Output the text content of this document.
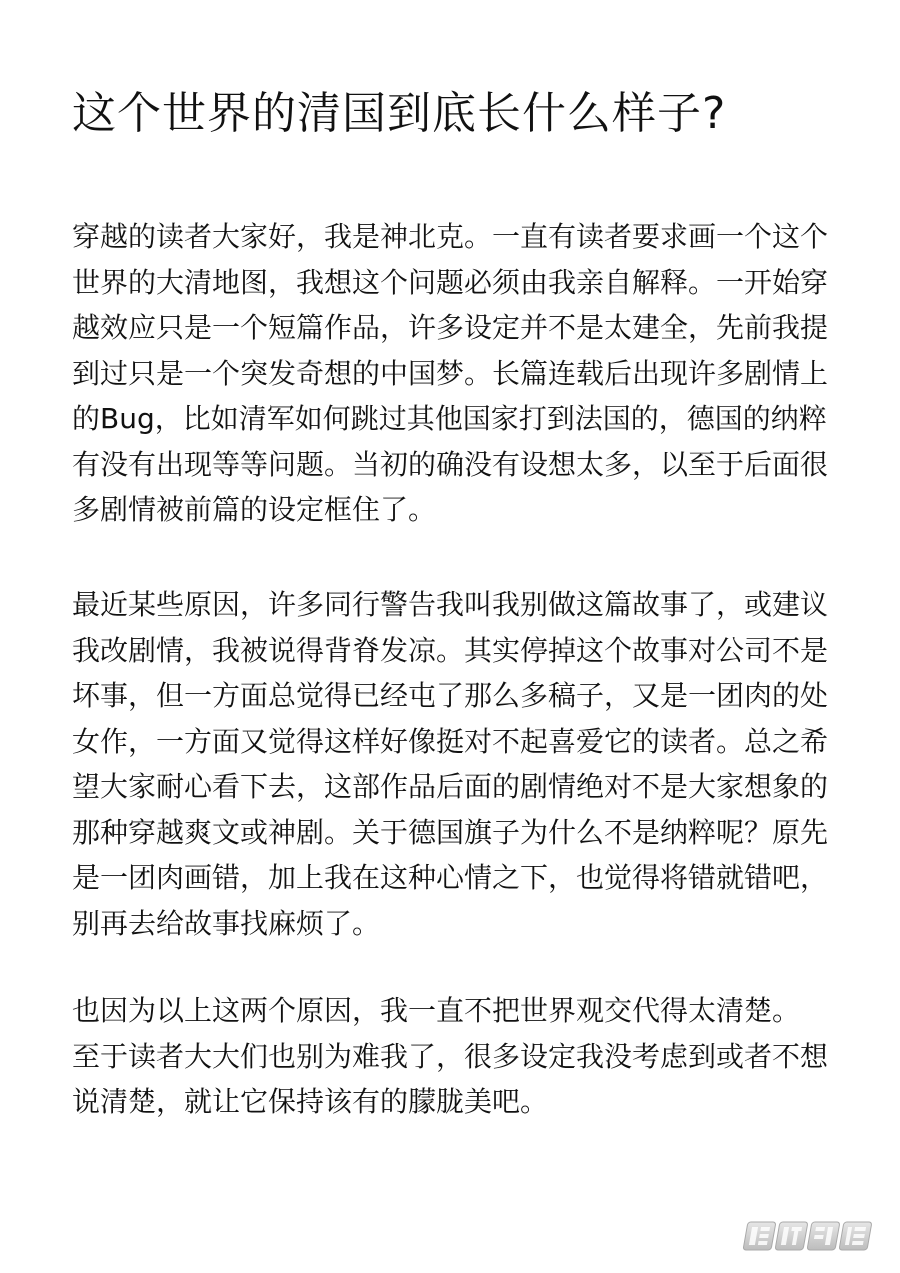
这个世界的清国到底长什么样子?

穿越的读者大家好，我是神北克。一直有读者要求画一个这个
世界的大清地图，我想这个问题必须由我亲自解释。一开始穿
越效应只是一个短篇作品，许多设定并不是太建全，先前我提
到过只是一个突发奇想的中国梦。长篇连载后出现许多剧情上
的Bug，比如清军如何跳过其他国家打到法国的，德国的纳粹
有没有出现等等问题。当初的确没有设想太多，以至于后面很
多剧情被前篇的设定框住了。

最近某些原因，许多同行警告我叫我别做这篇故事了，或建议
我改剧情，我被说得背脊发凉。其实停掉这个故事对公司不是
坏事，但一方面总觉得已经屯了那么多稿子，又是一团肉的处
女作，一方面又觉得这样好像挺对不起喜爱它的读者。总之希
望大家耐心看下去，这部作品后面的剧情绝对不是大家想象的
那种穿越爽文或神剧。关于德国旗子为什么不是纳粹呢？原先
是一团肉画错，加上我在这种心情之下，也觉得将错就错吧，
别再去给故事找麻烦了。

也因为以上这两个原因，我一直不把世界观交代得太清楚。
至于读者大大们也别为难我了，很多设定我没考虑到或者不想
说清楚，就让它保持该有的朦胧美吧。
